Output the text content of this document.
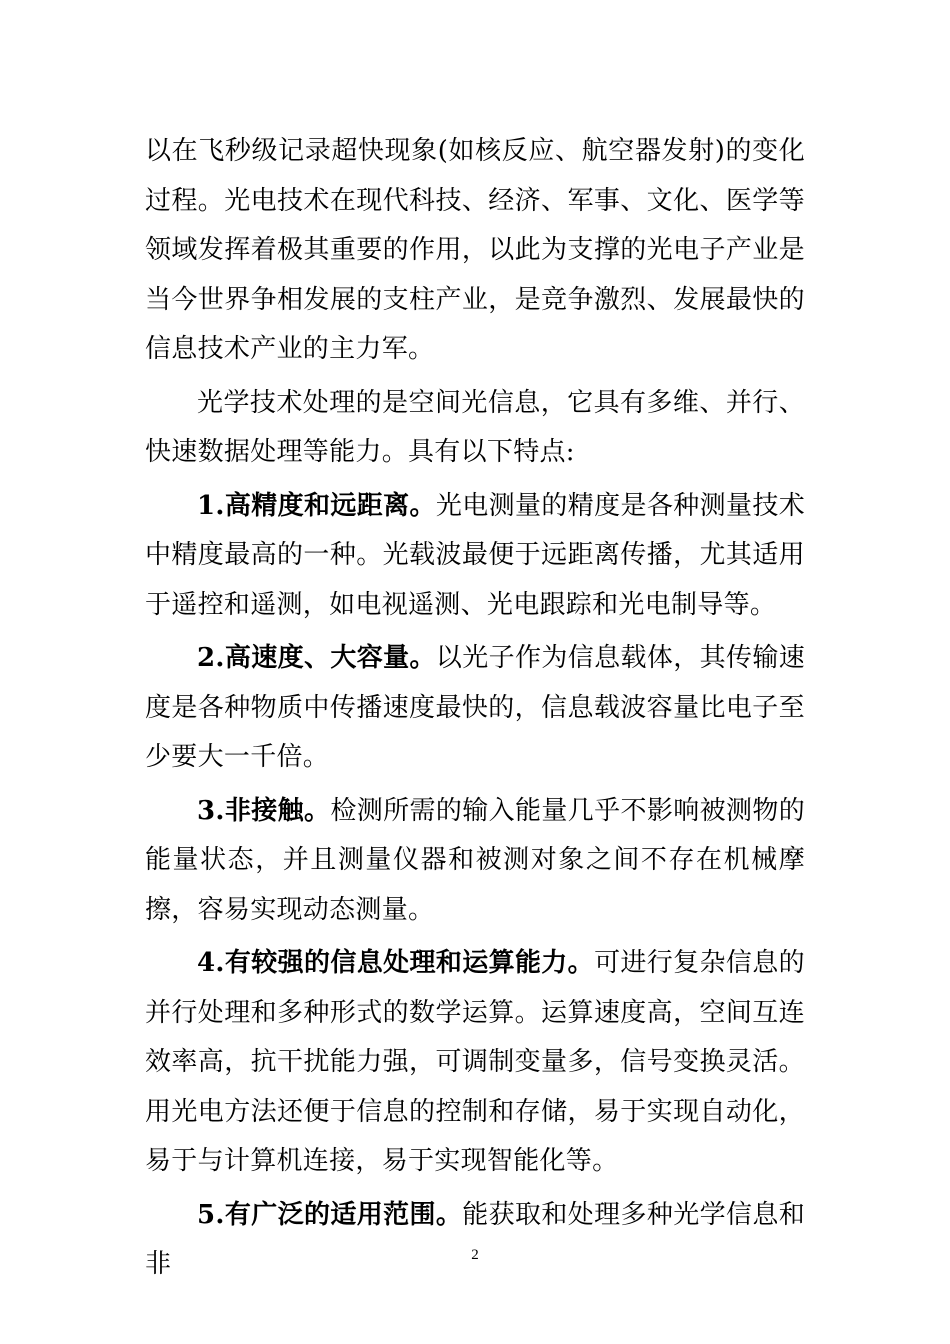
以在飞秒级记录超快现象(如核反应、航空器发射)的变化过程。光电技术在现代科技、经济、军事、文化、医学等领域发挥着极其重要的作用，以此为支撑的光电子产业是当今世界争相发展的支柱产业，是竞争激烈、发展最快的信息技术产业的主力军。

光学技术处理的是空间光信息，它具有多维、并行、快速数据处理等能力。具有以下特点:

1.高精度和远距离。光电测量的精度是各种测量技术中精度最高的一种。光载波最便于远距离传播，尤其适用于遥控和遥测，如电视遥测、光电跟踪和光电制导等。

2.高速度、大容量。以光子作为信息载体，其传输速度是各种物质中传播速度最快的，信息载波容量比电子至少要大一千倍。

3.非接触。检测所需的输入能量几乎不影响被测物的能量状态，并且测量仪器和被测对象之间不存在机械摩擦，容易实现动态测量。

4.有较强的信息处理和运算能力。可进行复杂信息的并行处理和多种形式的数学运算。运算速度高，空间互连效率高，抗干扰能力强，可调制变量多，信号变换灵活。用光电方法还便于信息的控制和存储，易于实现自动化，易于与计算机连接，易于实现智能化等。

5.有广泛的适用范围。能获取和处理多种光学信息和非	2
